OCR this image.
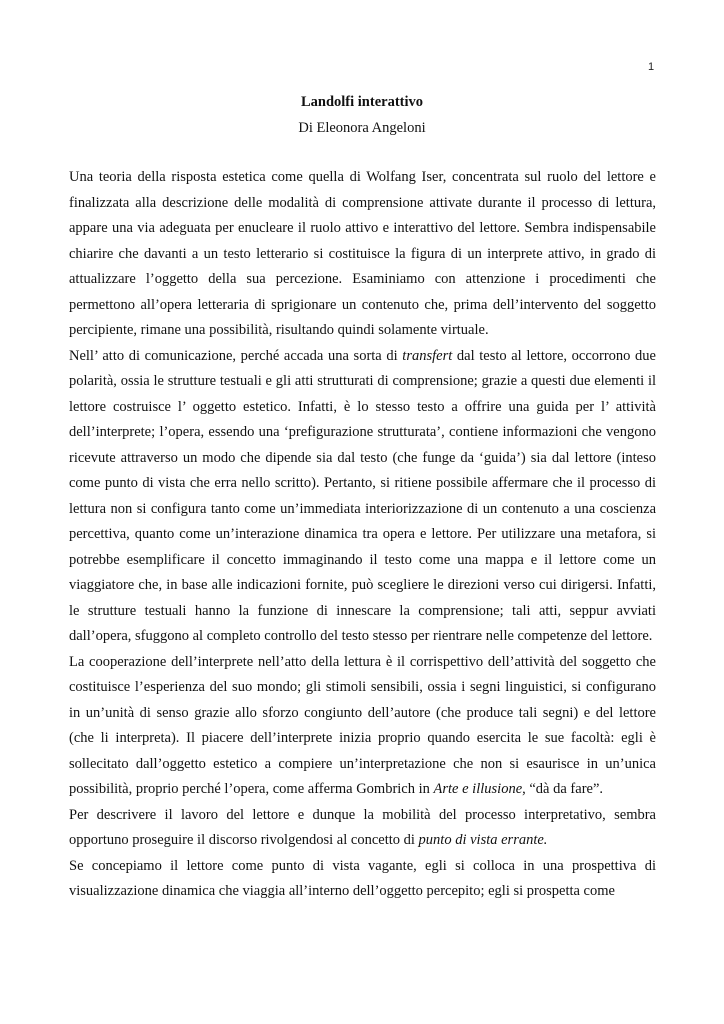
1
Landolfi interattivo
Di Eleonora Angeloni

Una teoria della risposta estetica come quella di Wolfang Iser, concentrata sul ruolo del lettore e finalizzata alla descrizione delle modalità di comprensione attivate durante il processo di lettura, appare una via adeguata per enucleare il ruolo attivo e interattivo del lettore. Sembra indispensabile chiarire che davanti a un testo letterario si costituisce la figura di un interprete attivo, in grado di attualizzare l’oggetto della sua percezione. Esaminiamo con attenzione i procedimenti che permettono all’opera letteraria di sprigionare un contenuto che, prima dell’intervento del soggetto percipiente, rimane una possibilità, risultando quindi solamente virtuale.

Nell’ atto di comunicazione, perché accada una sorta di transfert dal testo al lettore, occorrono due polarità, ossia le strutture testuali e gli atti strutturati di comprensione; grazie a questi due elementi il lettore costruisce l’ oggetto estetico. Infatti, è lo stesso testo a offrire una guida per l’ attività dell’interprete; l’opera, essendo una ‘prefigurazione strutturata’, contiene informazioni che vengono ricevute attraverso un modo che dipende sia dal testo (che funge da ‘guida’) sia dal lettore (inteso come punto di vista che erra nello scritto). Pertanto, si ritiene possibile affermare che il processo di lettura non si configura tanto come un’immediata interiorizzazione di un contenuto a una coscienza percettiva, quanto come un’interazione dinamica tra opera e lettore. Per utilizzare una metafora, si potrebbe esemplificare il concetto immaginando il testo come una mappa e il lettore come un viaggiatore che, in base alle indicazioni fornite, può scegliere le direzioni verso cui dirigersi. Infatti, le strutture testuali hanno la funzione di innescare la comprensione; tali atti, seppur avviati dall’opera, sfuggono al completo controllo del testo stesso per rientrare nelle competenze del lettore.

La cooperazione dell’interprete nell’atto della lettura è il corrispettivo dell’attività del soggetto che costituisce l’esperienza del suo mondo; gli stimoli sensibili, ossia i segni linguistici, si configurano in un’unità di senso grazie allo sforzo congiunto dell’autore (che produce tali segni) e del lettore (che li interpreta). Il piacere dell’interprete inizia proprio quando esercita le sue facoltà: egli è sollecitato dall’oggetto estetico a compiere un’interpretazione che non si esaurisce in un’unica possibilità, proprio perché l’opera, come afferma Gombrich in Arte e illusione, “dà da fare”.

Per descrivere il lavoro del lettore e dunque la mobilità del processo interpretativo, sembra opportuno proseguire il discorso rivolgendosi al concetto di punto di vista errante.

Se concepiamo il lettore come punto di vista vagante, egli si colloca in una prospettiva di visualizzazione dinamica che viaggia all’interno dell’oggetto percepito; egli si prospetta come
